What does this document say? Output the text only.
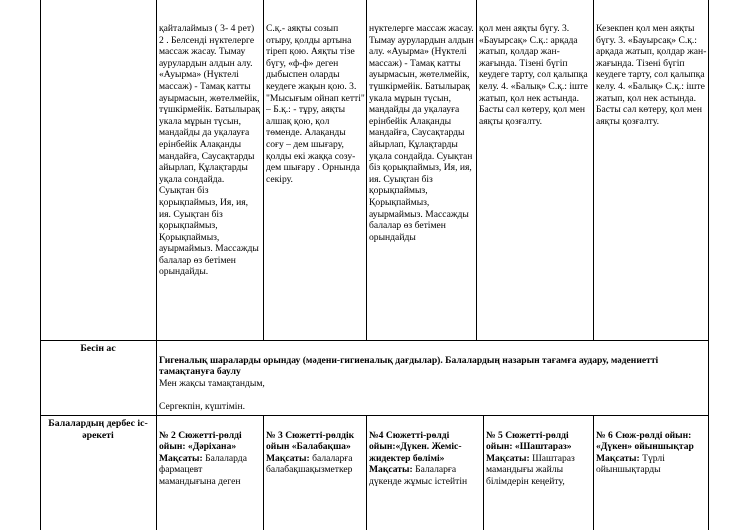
қайталаймыз ( 3- 4 рет) 2 . Белсенді нүктелерге массаж жасау. Тымау аурулардын алдын алу. «Ауырма» (Нүктелі массаж) - Тамақ катты ауырмасын, жөтелмейік, түшкірмейік. Батылырақ укала мұрын түсын, мандайды да уқалауға ерінбейік Алақанды мандайға, Саусақтарды айырлап, Құлақтарды уқала сондайда. Суықтан біз қорықпаймыз, Ия, ия, ия. Суықтан біз қорықпаймыз, Қорықпаймыз, ауырмаймыз. Массажды балалар өз бетімен орындайды.
С.қ.- аяқты созып отыру, қолды артына тіреп қою. Аяқты тізе бүгу, «ф-ф» деген дыбыспен оларды кеудеге жақын қою. 3. "Мысығым ойнап кетті" – Б.қ.: - тұру, аяқты алшақ қою, қол төменде. Алақанды соғу – дем шығару, қолды екі жаққа созу- дем шығару . Орнында секіру.
нүктелерге массаж жасау. Тымау аурулардын алдын алу. «Ауырма» (Нүктелі массаж) - Тамақ катты ауырмасын, жөтелмейік, түшкірмейік. Батылырақ укала мұрын түсын, мандайды да уқалауға ерінбейік Алақанды мандайға, Саусақтарды айырлап, Құлақтарды уқала сондайда. Суықтан біз қорықпаймыз, Ия, ия, ия. Суықтан біз қорықпаймыз, Қорықпаймыз, ауырмаймыз. Массажды балалар өз бетімен орындайды
қол мен аяқты бүгу. 3. «Бауырсақ» С.қ.: арқада жатып, қолдар жан-жағында. Тізені бүгіп кеудеге тарту, сол қалыпқа келу. 4. «Балық» С.қ.: іште жатып, қол нек астында. Басты сәл көтеру, қол мен аяқты қозғалту.
Кезекпен қол мен аяқты бүгу. 3. «Бауырсақ» С.қ.: арқада жатып, қолдар жан-жағында. Тізені бүгіп кеудеге тарту, сол қалыпқа келу. 4. «Балық» С.қ.: іште жатып, қол нек астында. Басты сәл көтеру, қол мен аяқты қозғалту.
Бесін ас

Гигеналық шараларды орындау (мәдени-гигиеналық дағдылар). Балалардың назарын тағамға аудару, мәдениетті тамақтануға баулу

Мен жақсы тамақтандым,

Сергекпін, күштімін.

Балалардың дербес іс-әрекеті	№ 2 Сюжетті-рөлді ойын: «Дәріхана»

Мақсаты: Балаларда фармацевт мамандығына деген

№ 3 Сюжетті-рөлдік ойын «Балабақша»

Мақсаты: балаларға балабақшақызметкер

№4 Сюжетті-рөлді ойын:«Дүкен. Жеміс-жидектер бөлімі»

Мақсаты: Балаларға дүкенде жұмыс істейтін

№ 5 Сюжетті-рөлді ойын: «Шаштараз»

Мақсаты: Шаштараз мамандығы жайлы білімдерін кеңейту,

№ 6 Сюж-рөлді ойын: «Дүкен» ойыншықтар

Мақсаты: Түрлі ойыншықтарды
